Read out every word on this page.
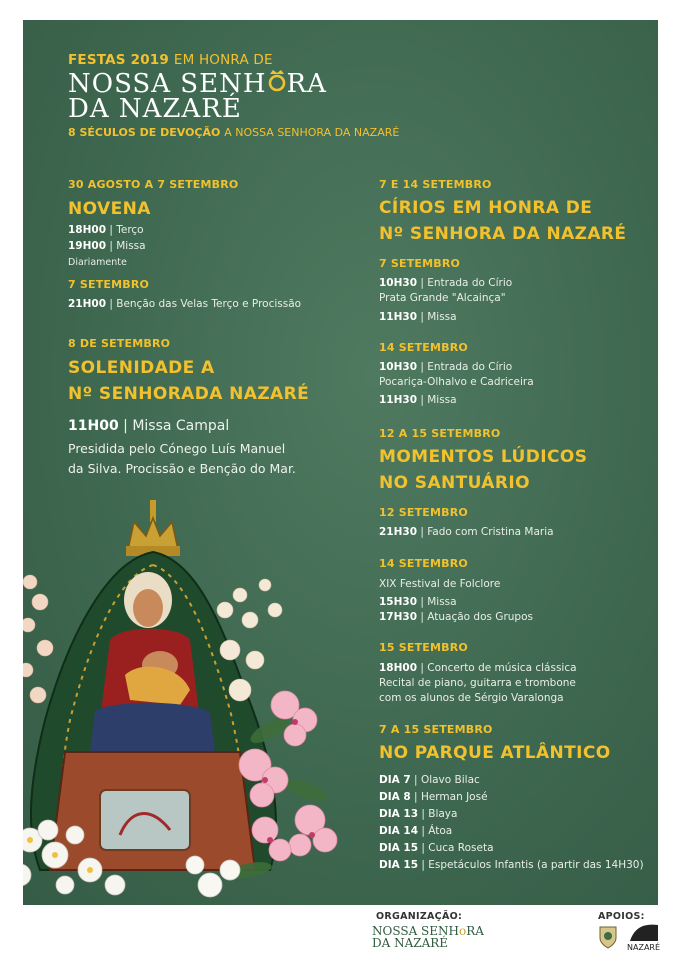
FESTAS 2019 EM HONRA DE
NOSSA SENH RA
DA NAZARÉ
8 SÉCULOS DE DEVOÇÃO A NOSSA SENHORA DA NAZARÉ
30 AGOSTO A 7 SETEMBRO
NOVENA
18H00 | Terço
19H00 | Missa
Diariamente
7 SETEMBRO
21H00 | Benção das Velas Terço e Procissão
8 DE SETEMBRO
SOLENIDADE A
Nº SENHORADA NAZARÉ
11H00 | Missa Campal
Presidida pelo Cónego Luís Manuel
da Silva. Procissão e Benção do Mar.
7 E 14 SETEMBRO
CÍRIOS EM HONRA DE
Nº SENHORA DA NAZARÉ
7 SETEMBRO
10H30 | Entrada do Círio
Prata Grande "Alcainça"
11H30 | Missa
14 SETEMBRO
10H30 | Entrada do Círio
Pocariça-Olhalvo e Cadriceira
11H30 | Missa
12 A 15 SETEMBRO
MOMENTOS LÚDICOS
NO SANTUÁRIO
12 SETEMBRO
21H30 | Fado com Cristina Maria
14 SETEMBRO
XIX Festival de Folclore
15H30 | Missa
17H30 | Atuação dos Grupos
15 SETEMBRO
18H00 | Concerto de música clássica
Recital de piano, guitarra e trombone
com os alunos de Sérgio Varalonga
7 A 15 SETEMBRO
NO PARQUE ATLÂNTICO
DIA 7 | Olavo Bilac
DIA 8 | Herman José
DIA 13 | Blaya
DIA 14 | Átoa
DIA 15 | Cuca Roseta
DIA 15 | Espetáculos Infantis (a partir das 14H30)
ORGANIZAÇÃO:
NOSSA SENHoRA
DA NAZARÉ
APOIOS:
NAZARÉ
